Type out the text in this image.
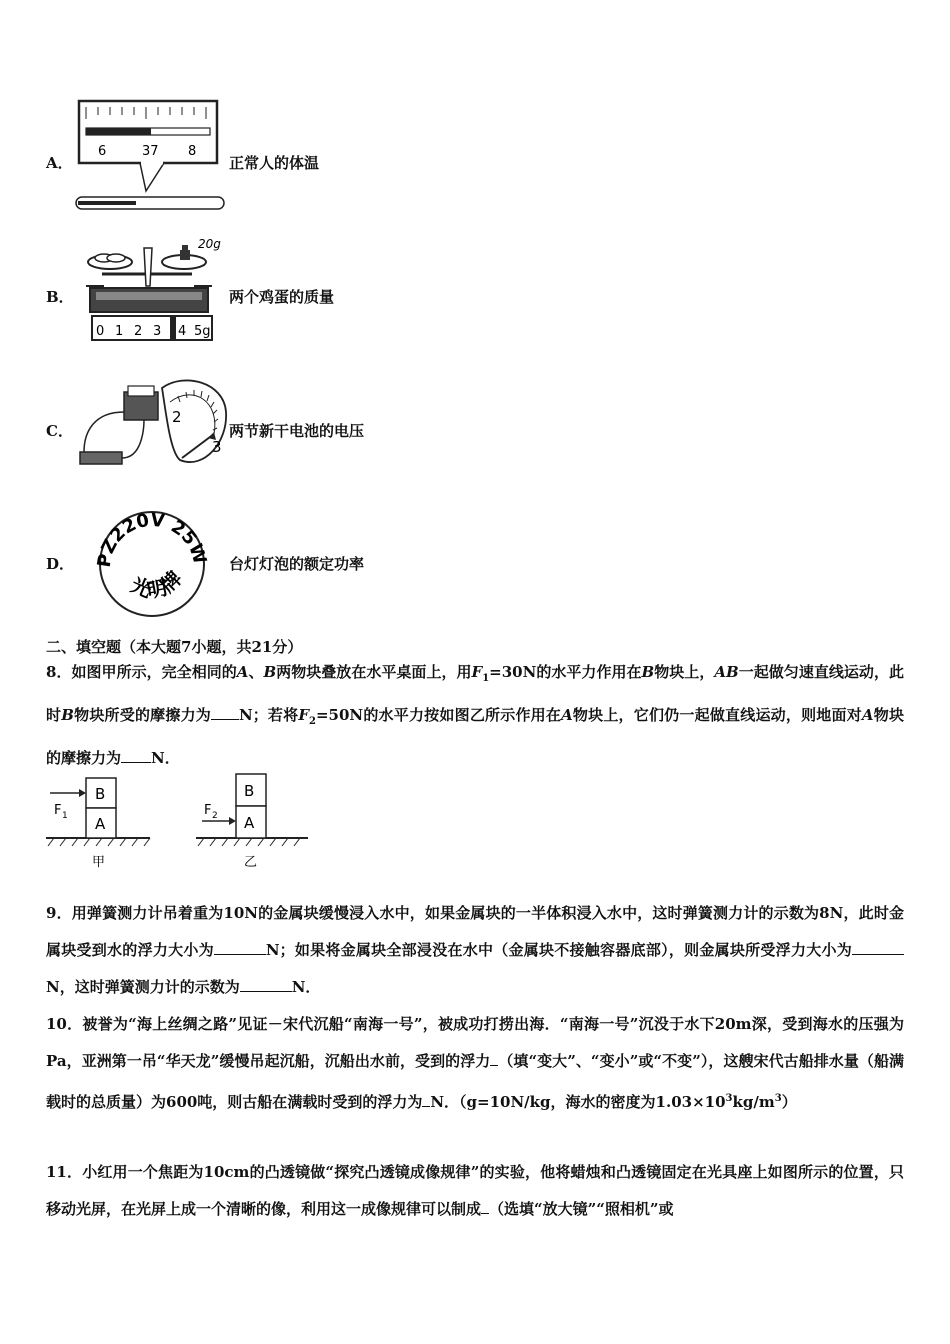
6	37 8
A．	正常人的体温
20g
0 1 2 3 4 5g
B．	两个鸡蛋的质量
2
3
C．	两节新干电池的电压
PZ220V 25W
光明牌
D．	台灯灯泡的额定功率
二、填空题（本大题7小题，共21分）
8．如图甲所示，完全相同的A、B两物块叠放在水平桌面上，用$F_1=30N$的水平力作用在B物块上，AB一起做匀速直线运动，此时B物块所受的摩擦力为 N；若将$F_2=50N$的水平力按如图乙所示作用在A物块上，它们仍一起做直线运动，则地面对A物块的摩擦力为 N．
B
A
F 1
甲
B
A
F 2
乙
9．用弹簧测力计吊着重为10N的金属块缓慢浸入水中，如果金属块的一半体积浸入水中，这时弹簧测力计的示数为8N，此时金属块受到水的浮力大小为	N；如果将金属块全部浸没在水中（金属块不接触容器底部），则金属块所受浮力大小为N，这时弹簧测力计的示数为	N．
10．被誉为“海上丝绸之路”见证－宋代沉船“南海一号”，被成功打捞出海．“南海一号”沉没于水下20m深，受到海水的压强为Pa，亚洲第一吊“华天龙”缓慢吊起沉船，沉船出水前，受到的浮力 （填“变大”、“变小”或“不变”），这艘宋代古船排水量（船满载时的总质量）为600吨，则古船在满载时受到的浮力为 N．（g=10N/kg，海水的密度为$1.03\times 10^3kg/m^3$）
11．小红用一个焦距为10cm的凸透镜做“探究凸透镜成像规律”的实验，他将蜡烛和凸透镜固定在光具座上如图所示的位置，只移动光屏，在光屏上成一个清晰的像，利用这一成像规律可以制成 （选填“放大镜”“照相机”或
